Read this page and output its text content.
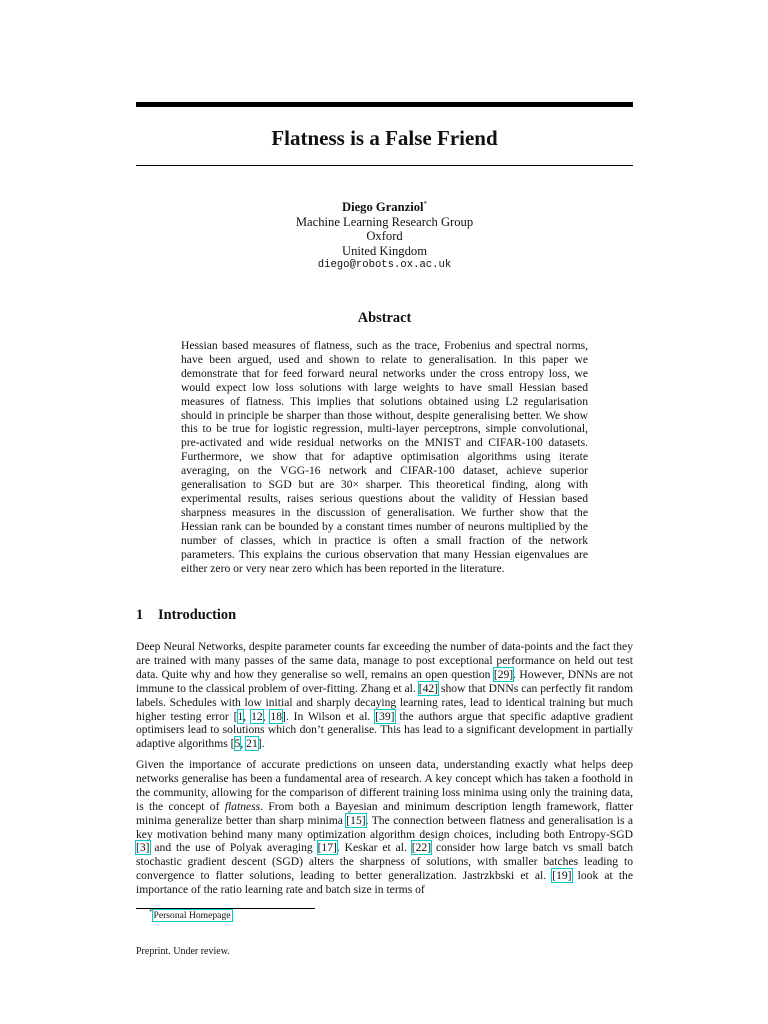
Flatness is a False Friend
Diego Granziol*
Machine Learning Research Group
Oxford
United Kingdom
diego@robots.ox.ac.uk
Abstract
Hessian based measures of flatness, such as the trace, Frobenius and spectral norms, have been argued, used and shown to relate to generalisation. In this paper we demonstrate that for feed forward neural networks under the cross entropy loss, we would expect low loss solutions with large weights to have small Hessian based measures of flatness. This implies that solutions obtained using L2 regularisation should in principle be sharper than those without, despite generalising better. We show this to be true for logistic regression, multi-layer perceptrons, simple convolutional, pre-activated and wide residual networks on the MNIST and CIFAR-100 datasets. Furthermore, we show that for adaptive optimisation algorithms using iterate averaging, on the VGG-16 network and CIFAR-100 dataset, achieve superior generalisation to SGD but are 30× sharper. This theoretical finding, along with experimental results, raises serious questions about the validity of Hessian based sharpness measures in the discussion of generalisation. We further show that the Hessian rank can be bounded by a constant times number of neurons multiplied by the number of classes, which in practice is often a small fraction of the network parameters. This explains the curious observation that many Hessian eigenvalues are either zero or very near zero which has been reported in the literature.
1 Introduction
Deep Neural Networks, despite parameter counts far exceeding the number of data-points and the fact they are trained with many passes of the same data, manage to post exceptional performance on held out test data. Quite why and how they generalise so well, remains an open question [29]. However, DNNs are not immune to the classical problem of over-fitting. Zhang et al. [42] show that DNNs can perfectly fit random labels. Schedules with low initial and sharply decaying learning rates, lead to identical training but much higher testing error [1, 12, 18]. In Wilson et al. [39] the authors argue that specific adaptive gradient optimisers lead to solutions which don’t generalise. This has lead to a significant development in partially adaptive algorithms [5, 21].
Given the importance of accurate predictions on unseen data, understanding exactly what helps deep networks generalise has been a fundamental area of research. A key concept which has taken a foothold in the community, allowing for the comparison of different training loss minima using only the training data, is the concept of flatness. From both a Bayesian and minimum description length framework, flatter minima generalize better than sharp minima [15]. The connection between flatness and generalisation is a key motivation behind many many optimization algorithm design choices, including both Entropy-SGD [3] and the use of Polyak averaging [17]. Keskar et al. [22] consider how large batch vs small batch stochastic gradient descent (SGD) alters the sharpness of solutions, with smaller batches leading to convergence to flatter solutions, leading to better generalization. Jastrzkbski et al. [19] look at the importance of the ratio learning rate and batch size in terms of
*Personal Homepage
Preprint. Under review.
